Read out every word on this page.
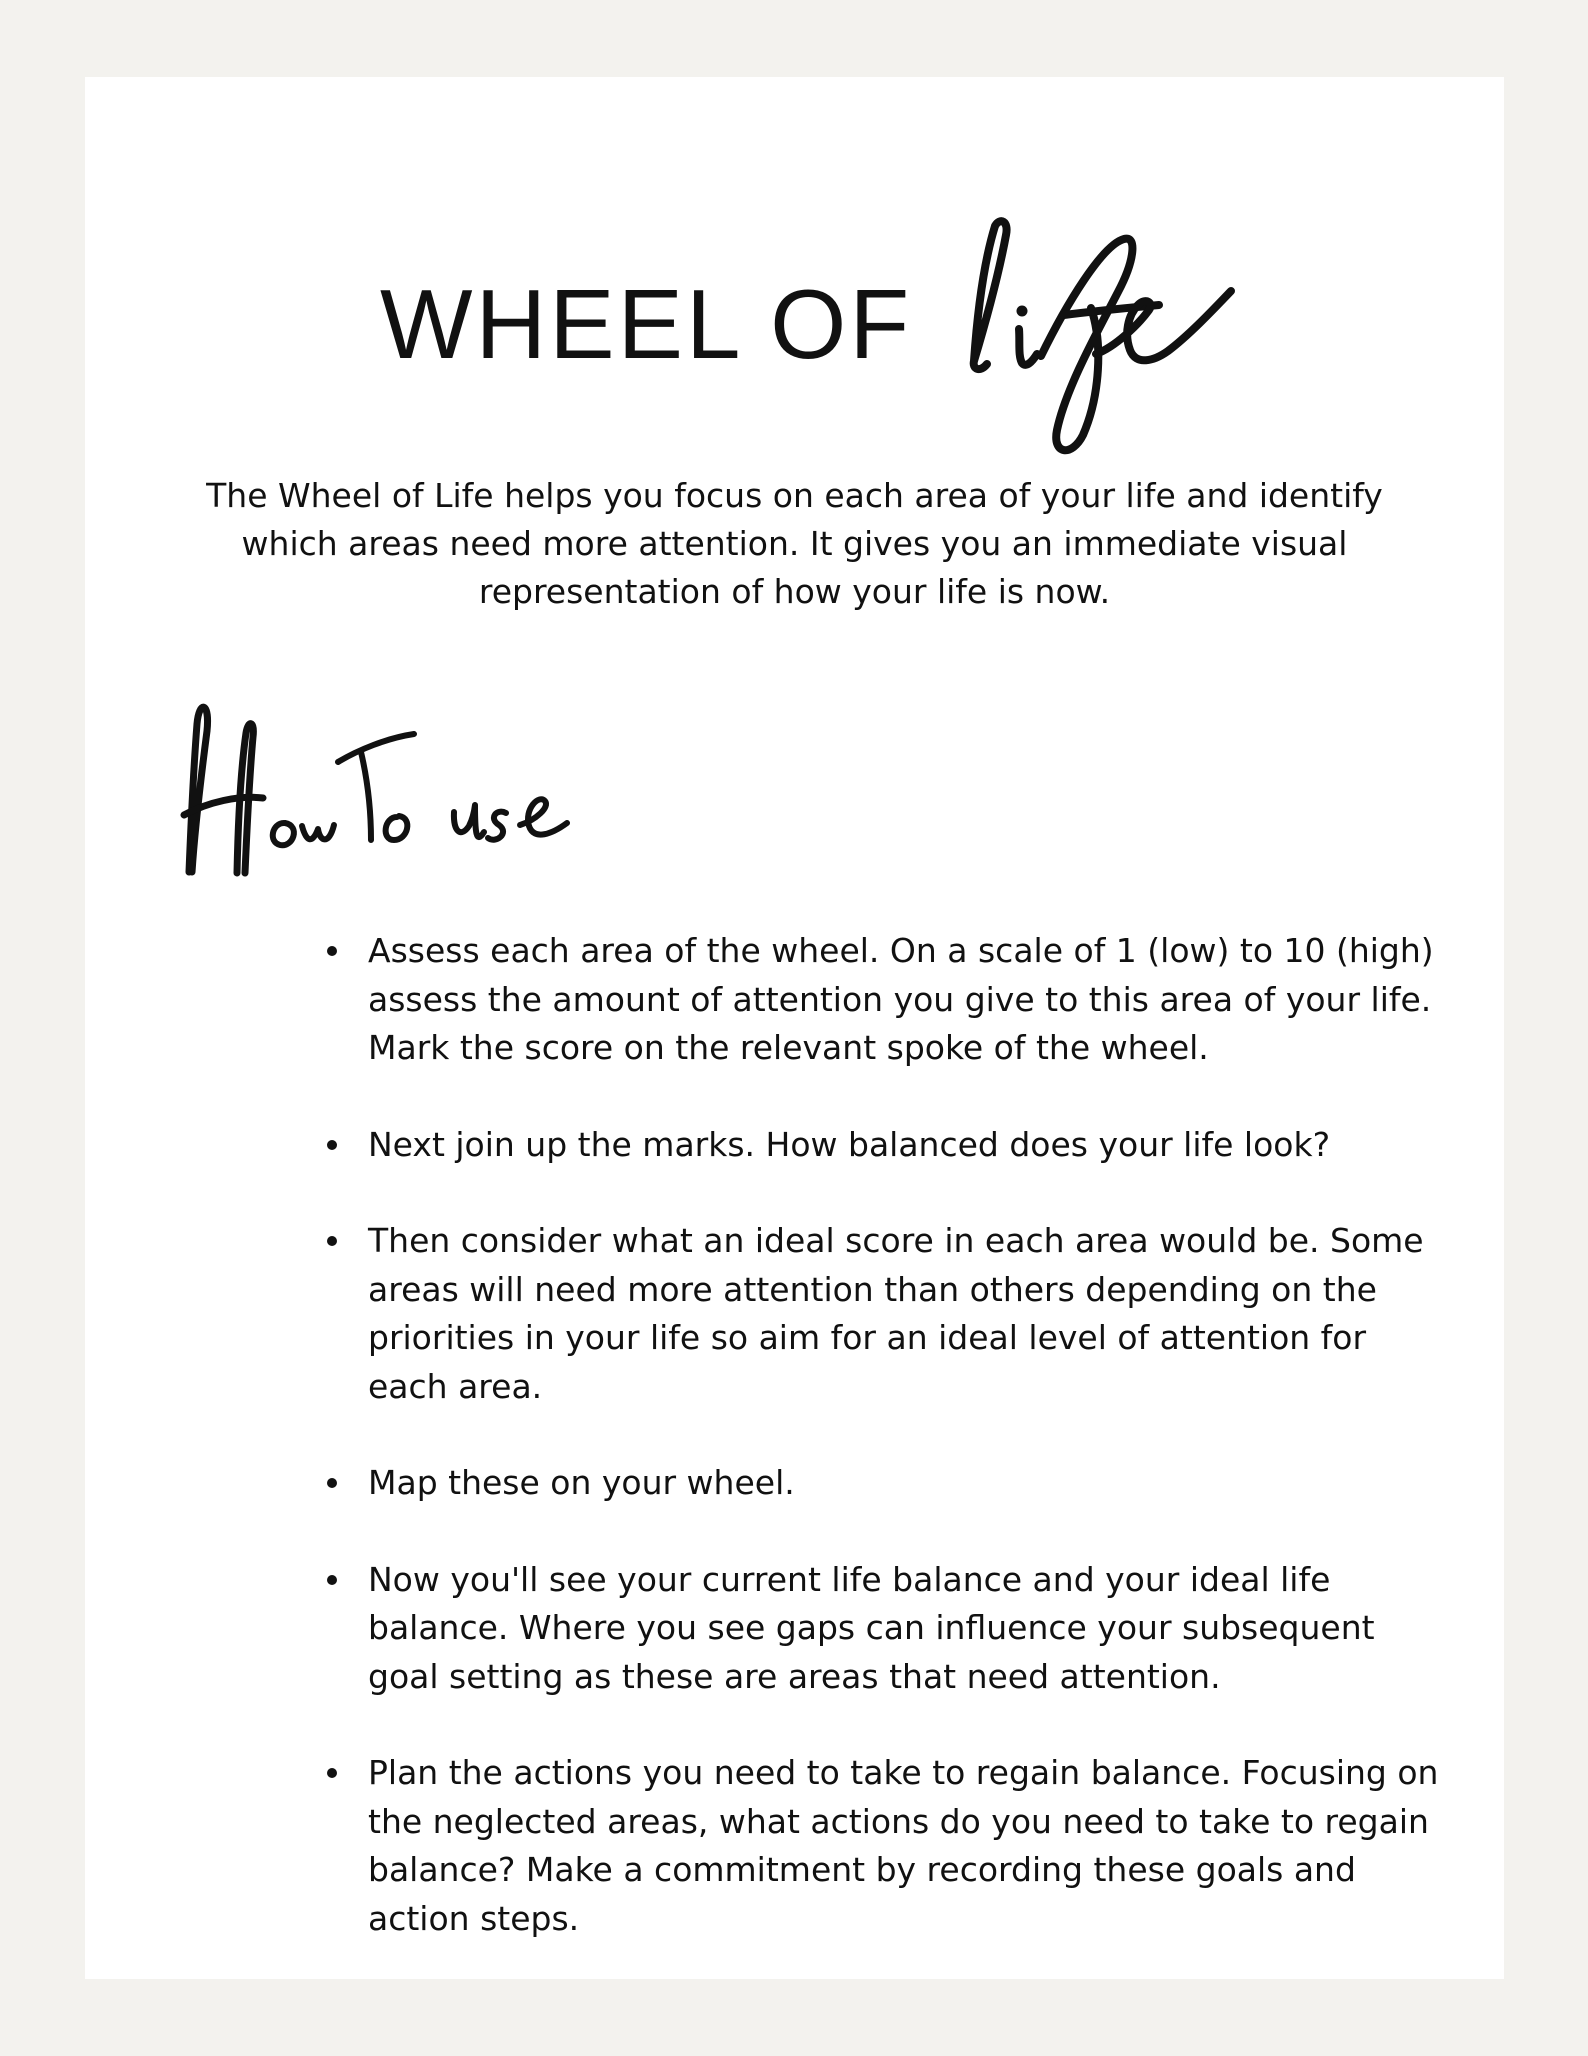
WHEEL OF

The Wheel of Life helps you focus on each area of your life and identify which areas need more attention. It gives you an immediate visual representation of how your life is now.

Assess each area of the wheel. On a scale of 1 (low) to 10 (high) assess the amount of attention you give to this area of your life. Mark the score on the relevant spoke of the wheel.
Next join up the marks. How balanced does your life look?
Then consider what an ideal score in each area would be. Some areas will need more attention than others depending on the priorities in your life so aim for an ideal level of attention for each area.
Map these on your wheel.
Now you'll see your current life balance and your ideal life balance. Where you see gaps can influence your subsequent goal setting as these are areas that need attention.
Plan the actions you need to take to regain balance. Focusing on the neglected areas, what actions do you need to take to regain balance? Make a commitment by recording these goals and action steps.
